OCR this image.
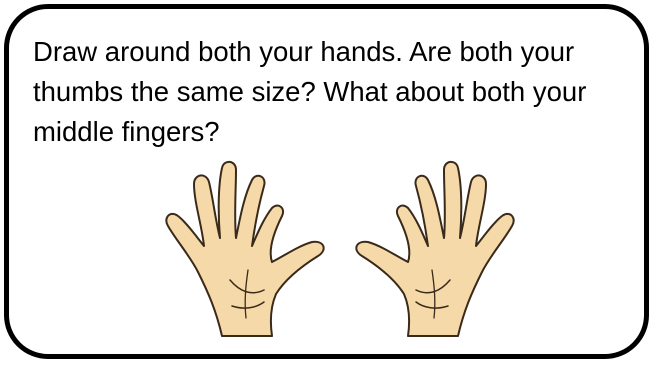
Draw around both your hands. Are both your thumbs the same size? What about both your middle fingers?
